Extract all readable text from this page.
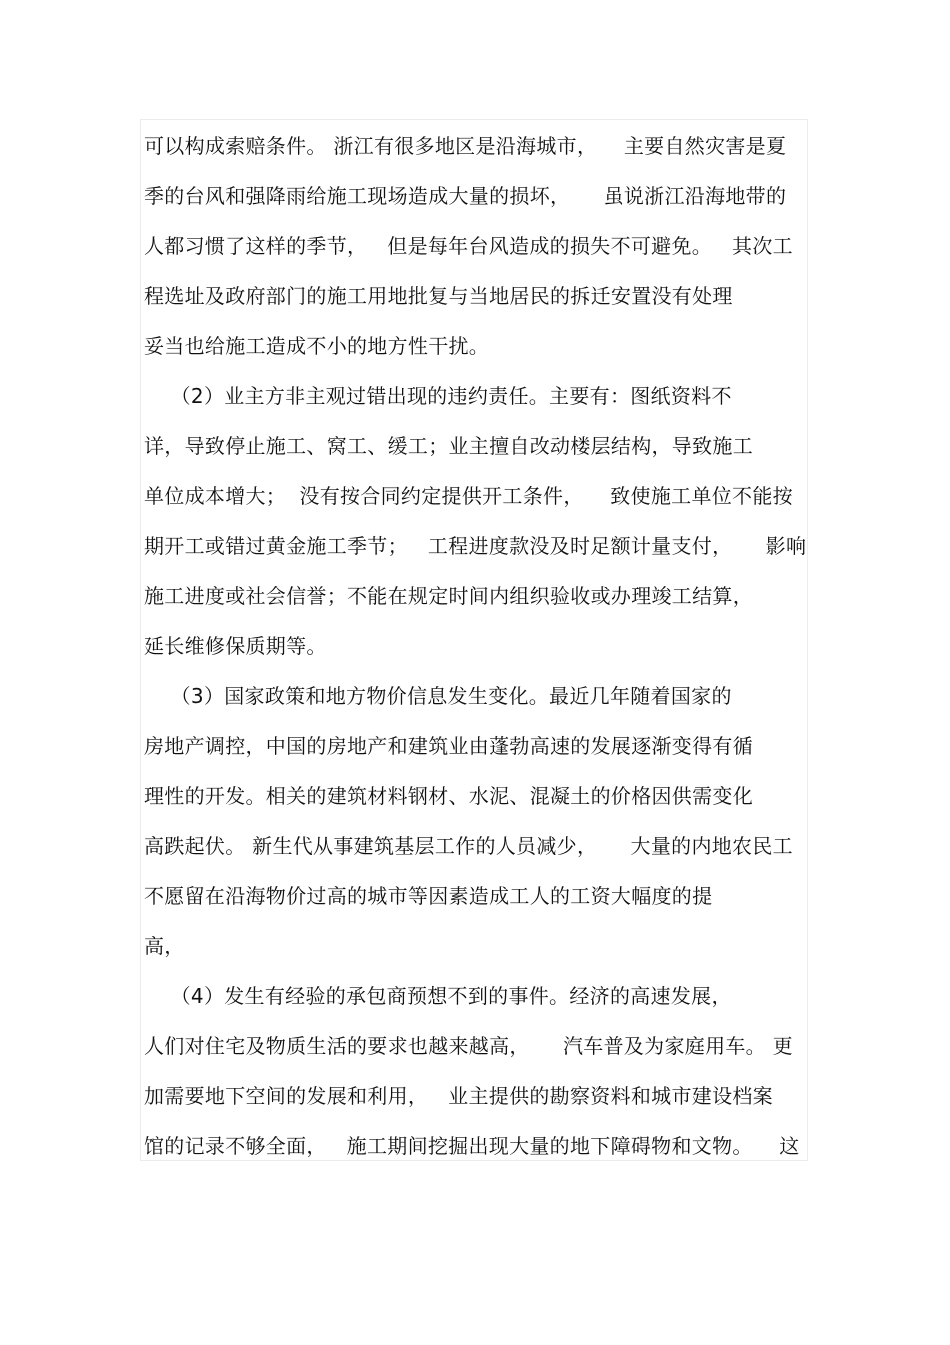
可以构成索赔条件。 浙江有很多地区是沿海城市，    主要自然灾害是夏
季的台风和强降雨给施工现场造成大量的损坏，     虽说浙江沿海地带的
人都习惯了这样的季节，   但是每年台风造成的损失不可避免。   其次工
程选址及政府部门的施工用地批复与当地居民的拆迁安置没有处理
妥当也给施工造成不小的地方性干扰。
（2）业主方非主观过错出现的违约责任。主要有：图纸资料不
详，导致停止施工、窝工、缓工；业主擅自改动楼层结构，导致施工
单位成本增大；  没有按合同约定提供开工条件，    致使施工单位不能按
期开工或错过黄金施工季节；   工程进度款没及时足额计量支付，     影响
施工进度或社会信誉；不能在规定时间内组织验收或办理竣工结算，
延长维修保质期等。
（3）国家政策和地方物价信息发生变化。最近几年随着国家的
房地产调控，中国的房地产和建筑业由蓬勃高速的发展逐渐变得有循
理性的开发。相关的建筑材料钢材、水泥、混凝土的价格因供需变化
高跌起伏。 新生代从事建筑基层工作的人员减少，     大量的内地农民工
不愿留在沿海物价过高的城市等因素造成工人的工资大幅度的提
高，
（4）发生有经验的承包商预想不到的事件。经济的高速发展，
人们对住宅及物质生活的要求也越来越高，     汽车普及为家庭用车。 更
加需要地下空间的发展和利用，   业主提供的勘察资料和城市建设档案
馆的记录不够全面，   施工期间挖掘出现大量的地下障碍物和文物。    这
